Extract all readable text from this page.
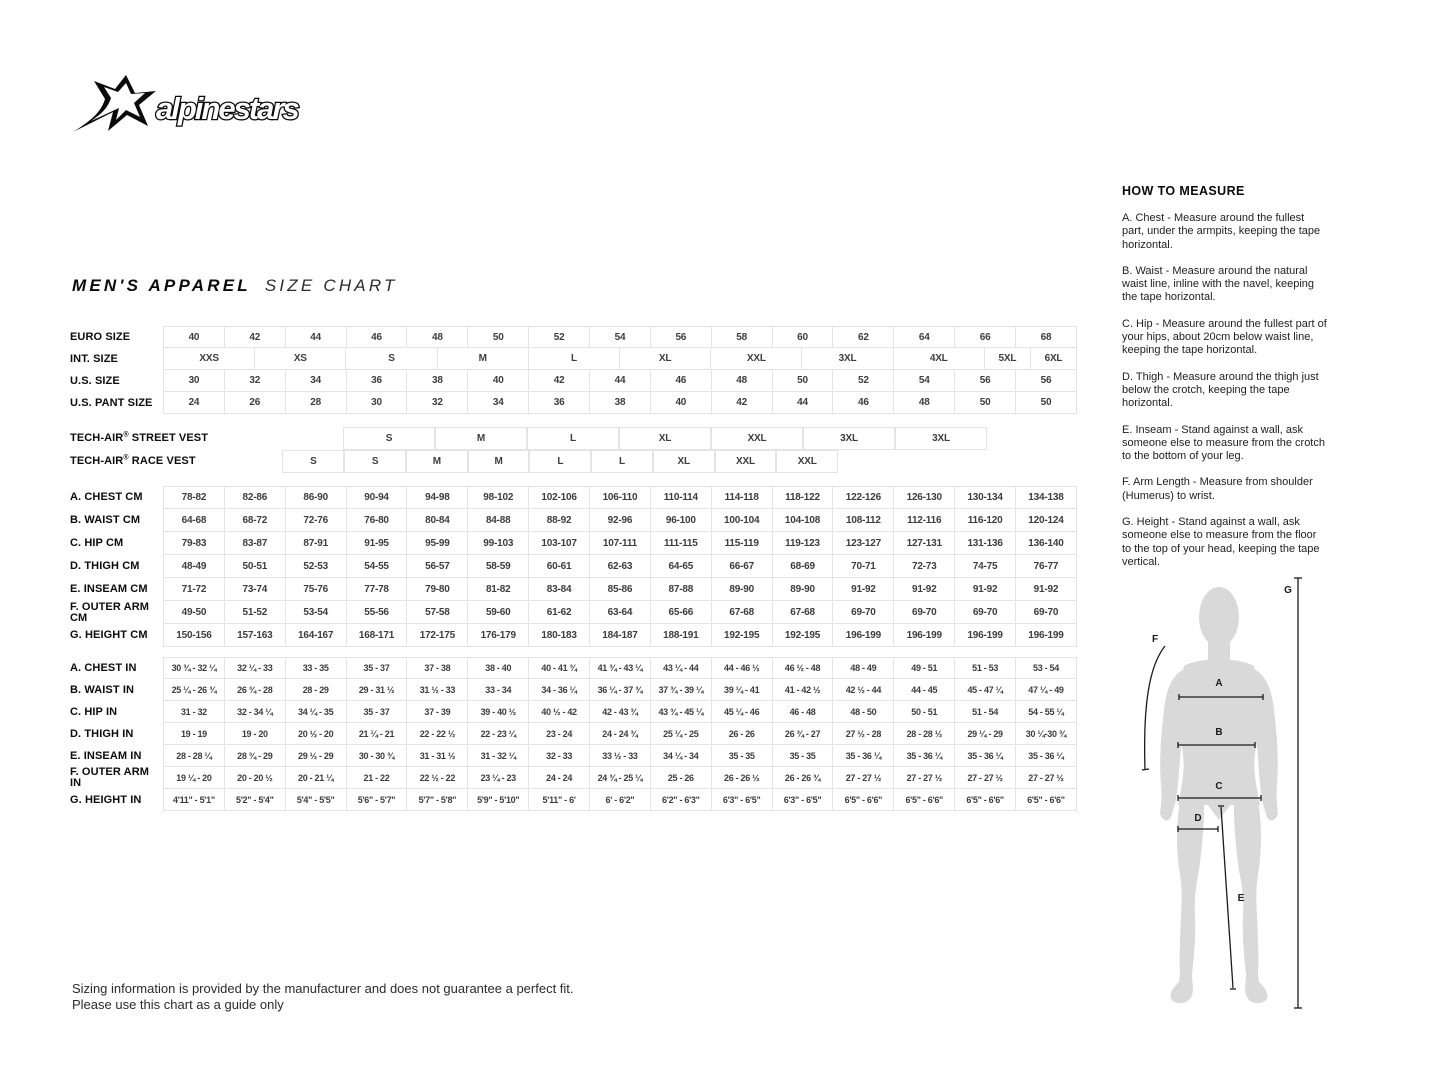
alpinestars
MEN'S APPAREL SIZE CHART
EURO SIZE	40	42	44	46	48	50	52	54	56	58	60	62	64	66	68
INT. SIZE	XXS	XS	S	M	L	XL	XXL	3XL	4XL	5XL	6XL
U.S. SIZE	30	32	34	36	38	40	42	44	46	48	50	52	54	56	56
U.S. PANT SIZE	24	26	28	30	32	34	36	38	40	42	44	46	48	50	50
TECH-AIR® STREET VEST	S	M	L	XL	XXL	3XL	3XL
TECH-AIR® RACE VEST	S	S	M	M	L	L	XL	XXL	XXL
A. CHEST CM	78-82	82-86	86-90	90-94	94-98	98-102	102-106	106-110	110-114	114-118	118-122	122-126	126-130	130-134	134-138
B. WAIST CM	64-68	68-72	72-76	76-80	80-84	84-88	88-92	92-96	96-100	100-104	104-108	108-112	112-116	116-120	120-124
C. HIP CM	79-83	83-87	87-91	91-95	95-99	99-103	103-107	107-111	111-115	115-119	119-123	123-127	127-131	131-136	136-140
D. THIGH CM	48-49	50-51	52-53	54-55	56-57	58-59	60-61	62-63	64-65	66-67	68-69	70-71	72-73	74-75	76-77
E. INSEAM CM	71-72	73-74	75-76	77-78	79-80	81-82	83-84	85-86	87-88	89-90	89-90	91-92	91-92	91-92	91-92
F. OUTER ARM
CM	49-50	51-52	53-54	55-56	57-58	59-60	61-62	63-64	65-66	67-68	67-68	69-70	69-70	69-70	69-70
G. HEIGHT CM	150-156	157-163	164-167	168-171	172-175	176-179	180-183	184-187	188-191	192-195	192-195	196-199	196-199	196-199	196-199
A. CHEST IN	30 ¾ - 32 ¼	32 ¼ - 33	33 - 35	35 - 37	37 - 38	38 - 40	40 - 41 ¾	41 ¾ - 43 ¼	43 ¼ - 44	44 - 46 ½	46 ½ - 48	48 - 49	49 - 51	51 - 53	53 - 54
B. WAIST IN	25 ¼ - 26 ¾	26 ¾ - 28	28 - 29	29 - 31 ½	31 ½ - 33	33 - 34	34 - 36 ¼	36 ¼ - 37 ¾	37 ¾ - 39 ¼	39 ¼ - 41	41 - 42 ½	42 ½ - 44	44 - 45	45 - 47 ¼	47 ¼ - 49
C. HIP IN	31 - 32	32 - 34 ¼	34 ¼ - 35	35 - 37	37 - 39	39 - 40 ½	40 ½ - 42	42 - 43 ¾	43 ¾ - 45 ¼	45 ¼ - 46	46 - 48	48 - 50	50 - 51	51 - 54	54 - 55 ¼
D. THIGH IN	19 - 19	19 - 20	20 ½ - 20	21 ¼ - 21	22 - 22 ½	22 - 23 ¼	23 - 24	24 - 24 ¾	25 ¼ - 25	26 - 26	26 ¾ - 27	27 ½ - 28	28 - 28 ½	29 ¼ - 29	30 ¼-30 ¾
E. INSEAM IN	28 - 28 ¼	28 ¾ - 29	29 ½ - 29	30 - 30 ¾	31 - 31 ½	31 - 32 ¼	32 - 33	33 ½ - 33	34 ¼ - 34	35 - 35	35 - 35	35 - 36 ¼	35 - 36 ¼	35 - 36 ¼	35 - 36 ¼
F. OUTER ARM
IN	19 ¼ - 20	20 - 20 ½	20 - 21 ¼	21 - 22	22 ½ - 22	23 ¼ - 23	24 - 24	24 ¾ - 25 ¼	25 - 26	26 - 26 ½	26 - 26 ¾	27 - 27 ½	27 - 27 ½	27 - 27 ½	27 - 27 ½
G. HEIGHT IN	4'11" - 5'1"	5'2" - 5'4"	5'4" - 5'5"	5'6" - 5'7"	5'7" - 5'8"	5'9" - 5'10"	5'11" - 6'	6' - 6'2"	6'2" - 6'3"	6'3" - 6'5"	6'3" - 6'5"	6'5" - 6'6"	6'5" - 6'6"	6'5" - 6'6"	6'5" - 6'6"
HOW TO MEASURE

A. Chest - Measure around the fullest part, under the armpits, keeping the tape horizontal.

B. Waist - Measure around the natural waist line, inline with the navel, keeping the tape horizontal.

C. Hip - Measure around the fullest part of your hips, about 20cm below waist line, keeping the tape horizontal.

D. Thigh - Measure around the thigh just below the crotch, keeping the tape horizontal.

E. Inseam - Stand against a wall, ask someone else to measure from the crotch to the bottom of your leg.

F. Arm Length - Measure from shoulder (Humerus) to wrist.

G. Height - Stand against a wall, ask someone else to measure from the floor to the top of your head, keeping the tape vertical.

A
B
C
D
E
F
G
Sizing information is provided by the manufacturer and does not guarantee a perfect fit.
Please use this chart as a guide only
